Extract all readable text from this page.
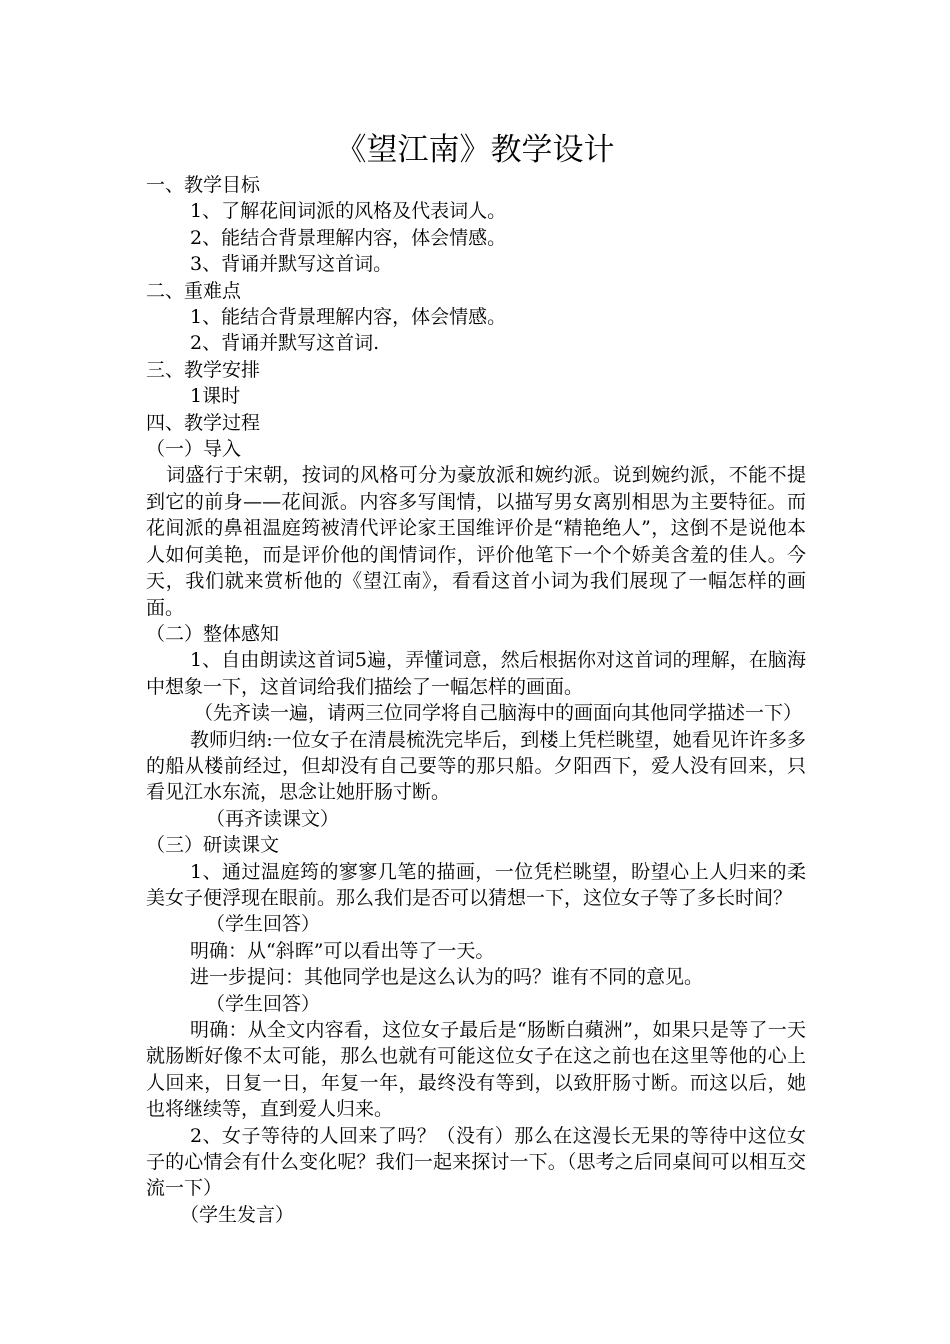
《望江南》教学设计
一、教学目标
1、了解花间词派的风格及代表词人。
2、能结合背景理解内容，体会情感。
3、背诵并默写这首词。
二、重难点
1、能结合背景理解内容，体会情感。
2、背诵并默写这首词.
三、教学安排
1课时
四、教学过程
（一）导入
词盛行于宋朝，按词的风格可分为豪放派和婉约派。说到婉约派，不能不提到它的前身——花间派。内容多写闺情，以描写男女离别相思为主要特征。而花间派的鼻祖温庭筠被清代评论家王国维评价是“精艳绝人”，这倒不是说他本人如何美艳，而是评价他的闺情词作，评价他笔下一个个娇美含羞的佳人。今天，我们就来赏析他的《望江南》，看看这首小词为我们展现了一幅怎样的画面。
（二）整体感知
1、自由朗读这首词5遍，弄懂词意，然后根据你对这首词的理解，在脑海中想象一下，这首词给我们描绘了一幅怎样的画面。
（先齐读一遍，请两三位同学将自己脑海中的画面向其他同学描述一下）
教师归纳:一位女子在清晨梳洗完毕后，到楼上凭栏眺望，她看见许许多多的船从楼前经过，但却没有自己要等的那只船。夕阳西下，爱人没有回来，只看见江水东流，思念让她肝肠寸断。
（再齐读课文）
（三）研读课文
1、通过温庭筠的寥寥几笔的描画，一位凭栏眺望，盼望心上人归来的柔美女子便浮现在眼前。那么我们是否可以猜想一下，这位女子等了多长时间？
（学生回答）
明确：从“斜晖”可以看出等了一天。
进一步提问：其他同学也是这么认为的吗？谁有不同的意见。
（学生回答）
明确：从全文内容看，这位女子最后是“肠断白蘋洲”，如果只是等了一天就肠断好像不太可能，那么也就有可能这位女子在这之前也在这里等他的心上人回来，日复一日，年复一年，最终没有等到，以致肝肠寸断。而这以后，她也将继续等，直到爱人归来。
2、女子等待的人回来了吗？（没有）那么在这漫长无果的等待中这位女子的心情会有什么变化呢？我们一起来探讨一下。（思考之后同桌间可以相互交流一下）
（学生发言）
